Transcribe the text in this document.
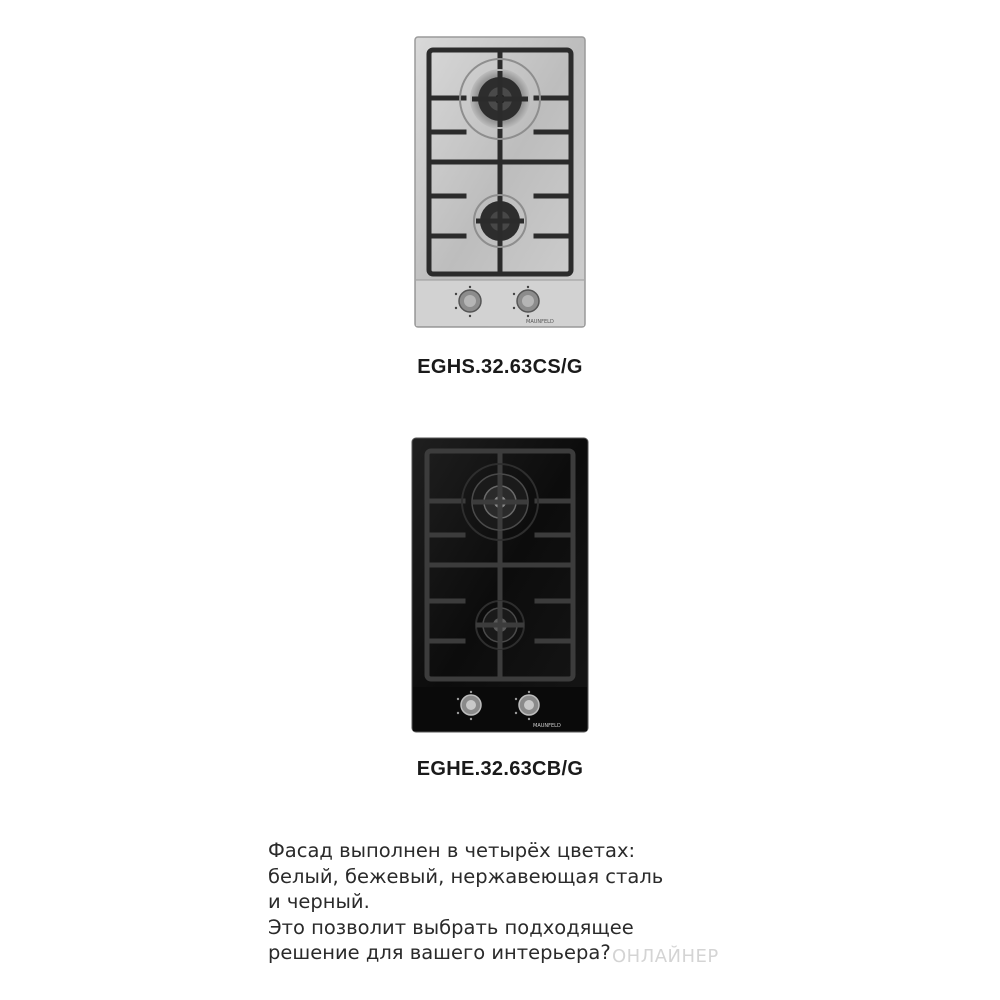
MAUNFELD
EGHS.32.63CS/G
MAUNFELD
EGHE.32.63CB/G
Фасад выполнен в четырёх цветах:
белый, бежевый, нержавеющая сталь
и черный.
Это позволит выбрать подходящее
решение для вашего интерьера? ОНЛАЙНЕР
